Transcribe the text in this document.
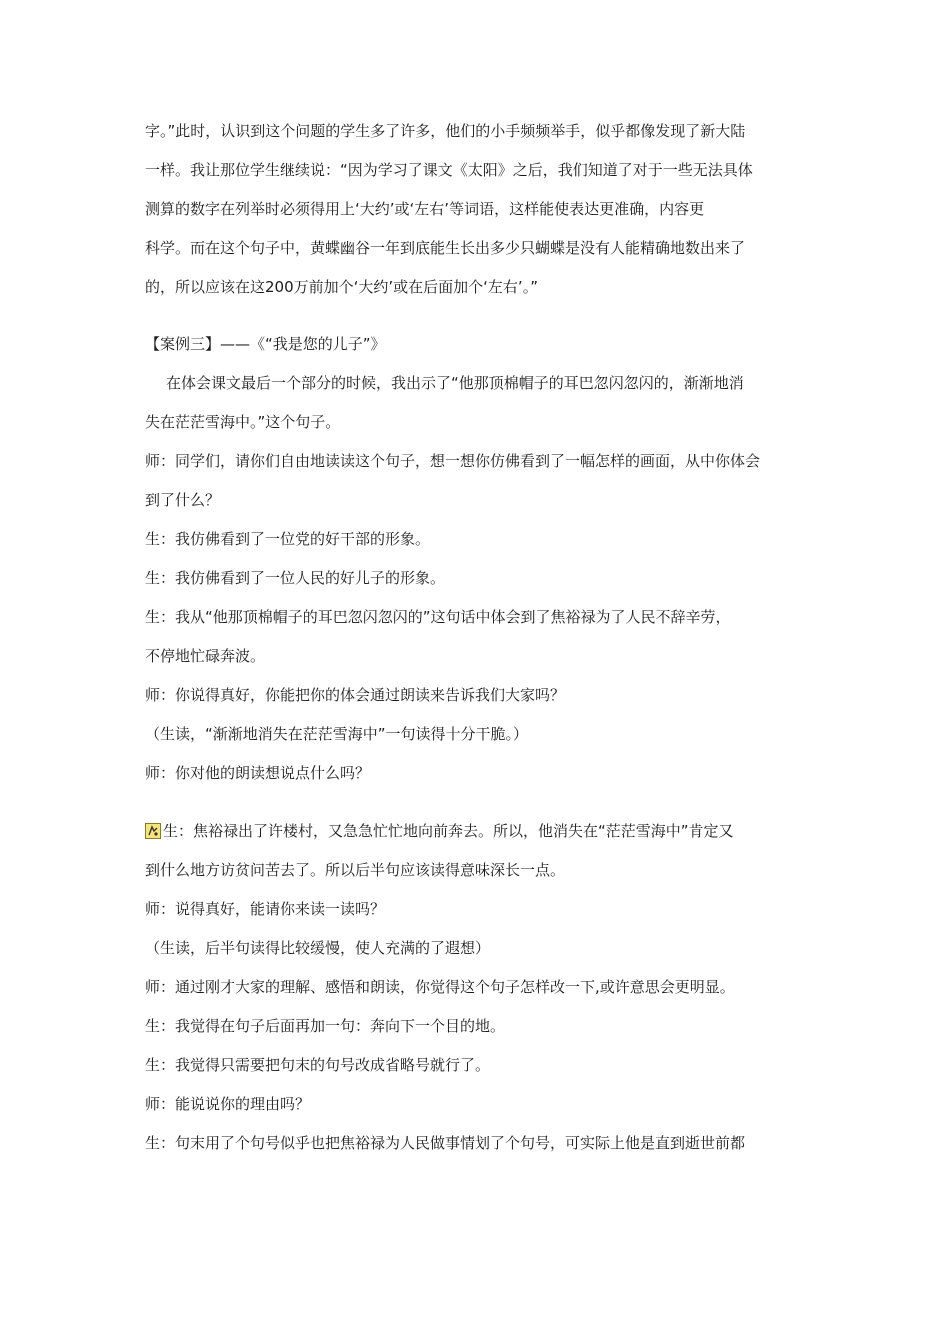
字。”此时，认识到这个问题的学生多了许多，他们的小手频频举手，似乎都像发现了新大陆
一样。我让那位学生继续说：“因为学习了课文《太阳》之后，我们知道了对于一些无法具体
测算的数字在列举时必须得用上‘大约’或‘左右’等词语，这样能使表达更准确，内容更
科学。而在这个句子中，黄蝶幽谷一年到底能生长出多少只蝴蝶是没有人能精确地数出来了
的，所以应该在这200万前加个‘大约’或在后面加个‘左右’。”
【案例三】——《“我是您的儿子”》
在体会课文最后一个部分的时候，我出示了“他那顶棉帽子的耳巴忽闪忽闪的，渐渐地消
失在茫茫雪海中。”这个句子。
师：同学们，请你们自由地读读这个句子，想一想你仿佛看到了一幅怎样的画面，从中你体会
到了什么？
生：我仿佛看到了一位党的好干部的形象。
生：我仿佛看到了一位人民的好儿子的形象。
生：我从“他那顶棉帽子的耳巴忽闪忽闪的”这句话中体会到了焦裕禄为了人民不辞辛劳，
不停地忙碌奔波。
师：你说得真好，你能把你的体会通过朗读来告诉我们大家吗？
（生读，“渐渐地消失在茫茫雪海中”一句读得十分干脆。）
师：你对他的朗读想说点什么吗？
生：焦裕禄出了许楼村，又急急忙忙地向前奔去。所以，他消失在“茫茫雪海中”肯定又
到什么地方访贫问苦去了。所以后半句应该读得意味深长一点。
师：说得真好，能请你来读一读吗？
（生读，后半句读得比较缓慢，使人充满的了遐想）
师：通过刚才大家的理解、感悟和朗读，你觉得这个句子怎样改一下,或许意思会更明显。
生：我觉得在句子后面再加一句：奔向下一个目的地。
生：我觉得只需要把句末的句号改成省略号就行了。
师：能说说你的理由吗？
生：句末用了个句号似乎也把焦裕禄为人民做事情划了个句号，可实际上他是直到逝世前都
